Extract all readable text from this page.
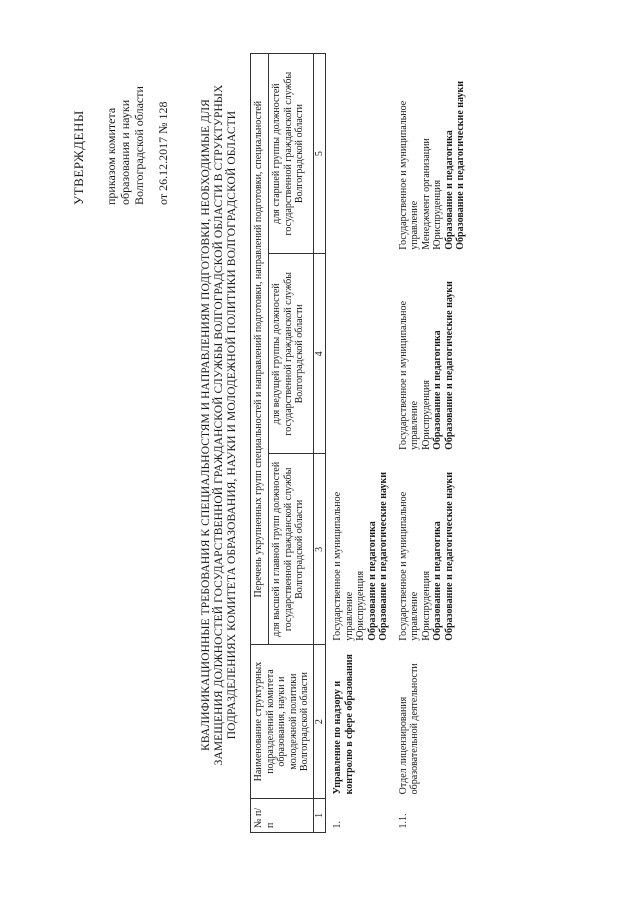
УТВЕРЖДЕНЫ приказом комитета образования и науки Волгоградской области от 26.12.2017 № 128	КВАЛИФИКАЦИОННЫЕ ТРЕБОВАНИЯ К СПЕЦИАЛЬНОСТЯМ И НАПРАВЛЕНИЯМ ПОДГОТОВКИ, НЕОБХОДИМЫЕ ДЛЯ ЗАМЕЩЕНИЯ ДОЛЖНОСТЕЙ ГОСУДАРСТВЕННОЙ ГРАЖДАНСКОЙ СЛУЖБЫ ВОЛГОГРАДСКОЙ ОБЛАСТИ В СТРУКТУРНЫХ ПОДРАЗДЕЛЕНИЯХ КОМИТЕТА ОБРАЗОВАНИЯ, НАУКИ И МОЛОДЕЖНОЙ ПОЛИТИКИ ВОЛГОГРАДСКОЙ ОБЛАСТИ
№ п/п	Наименование структурных подразделений комитета образования, науки и молодежной политики Волгоградской области	Перечень укрупненных групп специальностей и направлений подготовки, направлений подготовки, специальностей		
		для высшей и главной групп должностей государственной гражданской службы Волгоградской области	для ведущей группы должностей государственной гражданской службы Волгоградской области	для старшей группы должностей государственной гражданской службы Волгоградской области
1	2	3	4	5
1.	Управление по надзору и контролю в сфере образования	Государственное и муниципальное управление Юриспруденция Образование и педагогика Образование и педагогические науки		

1.1.	Отдел лицензирования образовательной деятельности	Государственное и муниципальное управление Юриспруденция Образование и педагогика Образование и педагогические науки	Государственное и муниципальное управление Юриспруденция Образование и педагогика Образование и педагогические науки	Государственное и муниципальное управление Менеджмент организации Юриспруденция Образование и педагогика Образование и педагогические науки
